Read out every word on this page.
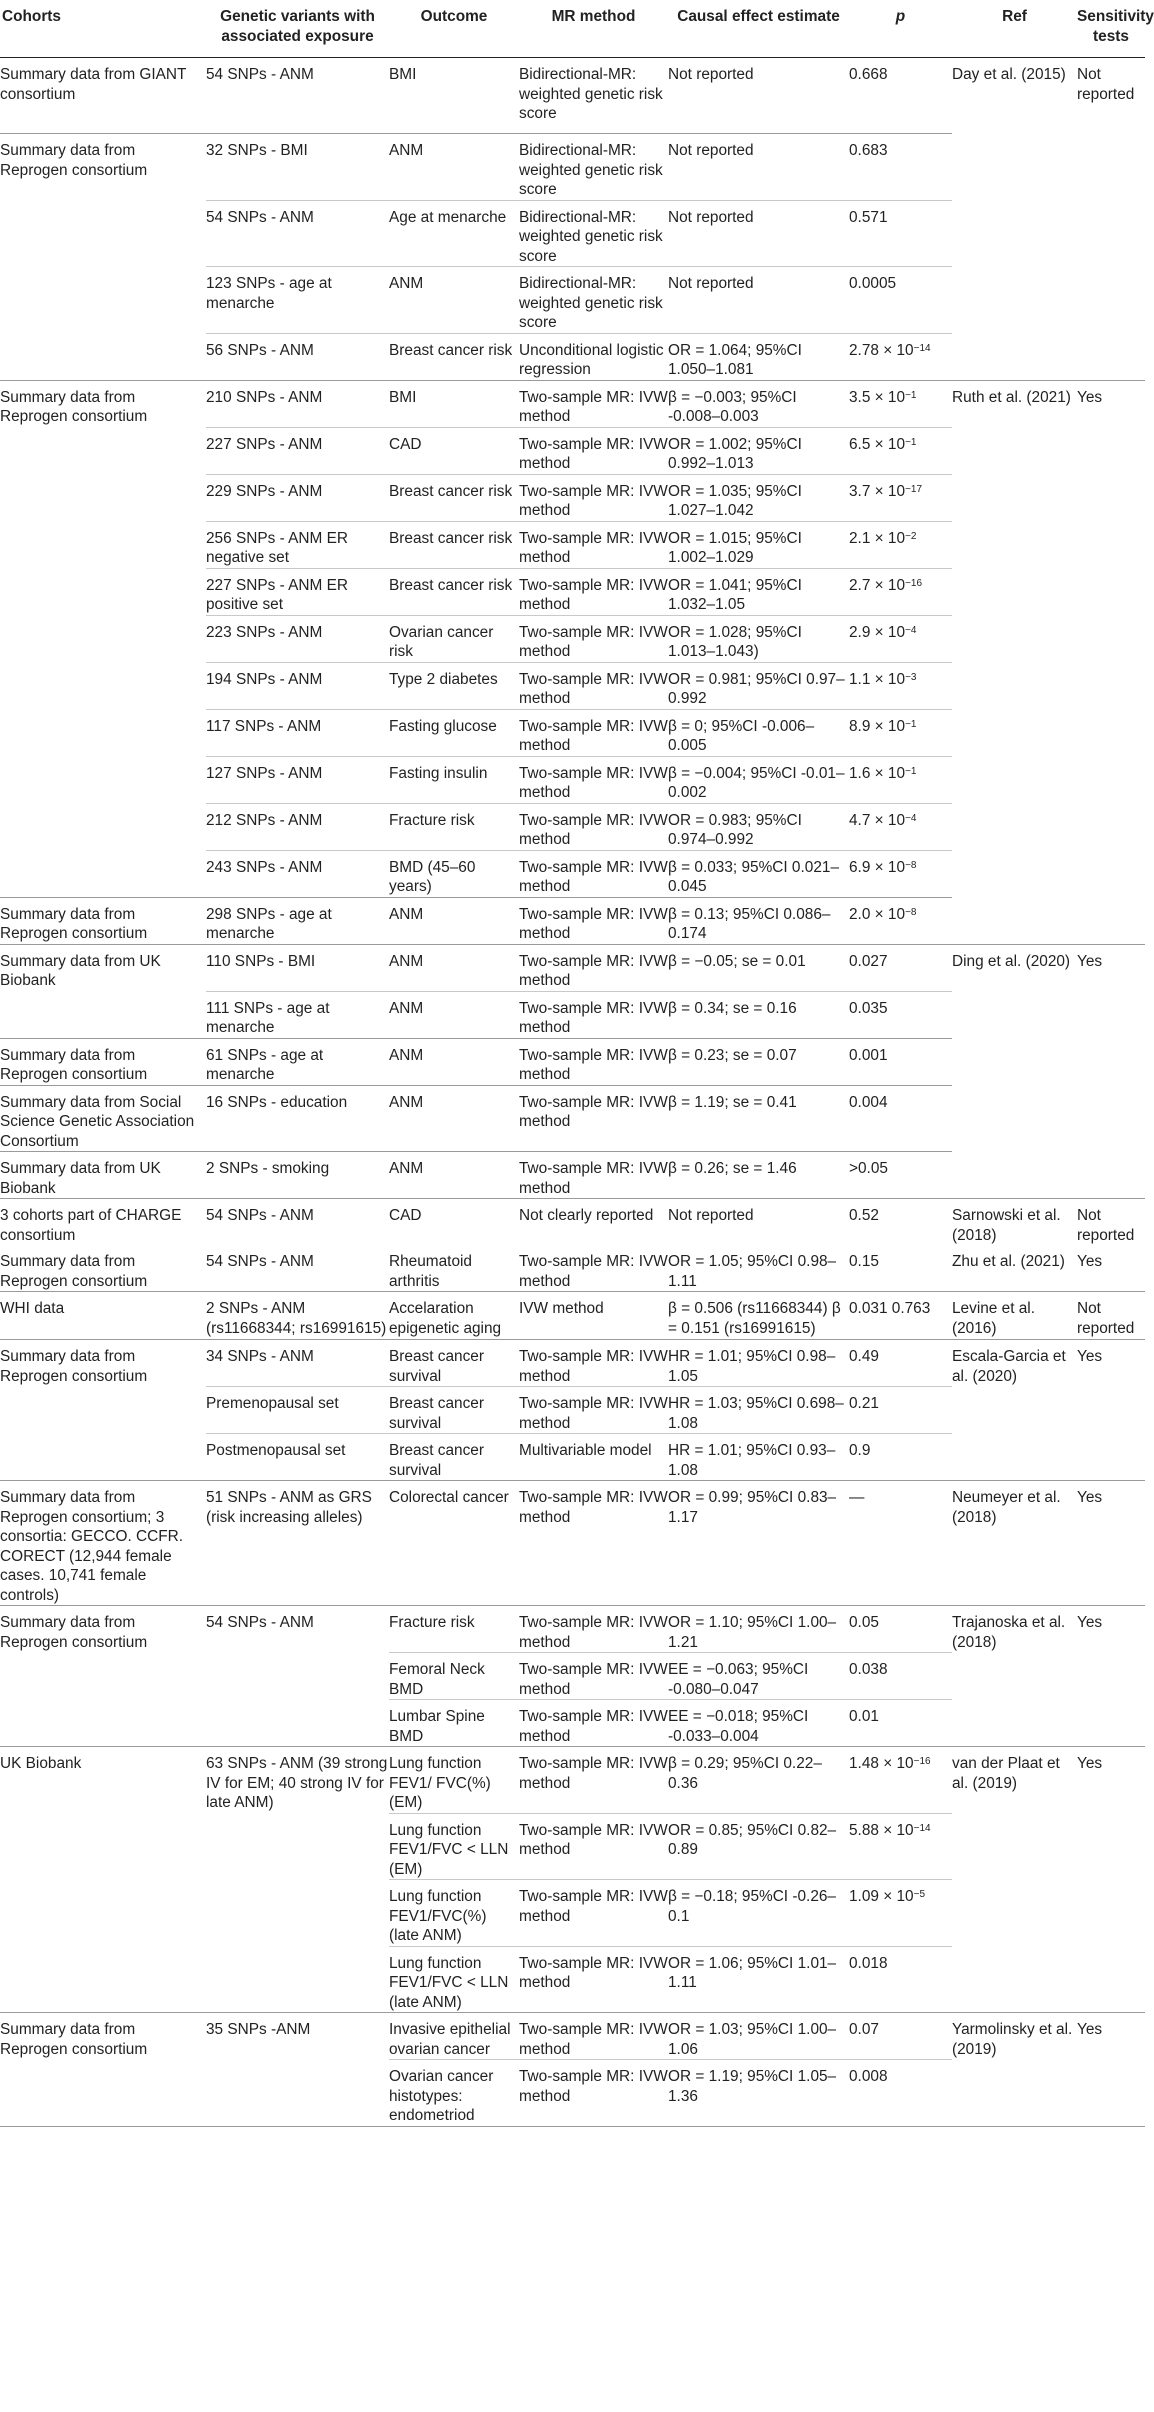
Cohorts	Genetic variants with associated exposure	Outcome	MR method	Causal effect estimate	p	Ref	Sensitivity tests
Summary data from GIANT consortium	54 SNPs - ANM	BMI	Bidirectional-MR: weighted genetic risk score	Not reported	0.668	Day et al. (2015)	Not reported
Summary data from Reprogen consortium	32 SNPs - BMI	ANM	Bidirectional-MR: weighted genetic risk score	Not reported	0.683		
	54 SNPs - ANM	Age at menarche	Bidirectional-MR: weighted genetic risk score	Not reported	0.571		
	123 SNPs - age at menarche	ANM	Bidirectional-MR: weighted genetic risk score	Not reported	0.0005		
	56 SNPs - ANM	Breast cancer risk	Unconditional logistic regression	OR = 1.064; 95%CI 1.050–1.081	$2.78 \times 10^{-14}$		
Summary data from Reprogen consortium	210 SNPs - ANM	BMI	Two-sample MR: IVW method	β = −0.003; 95%CI -0.008–0.003	$3.5 \times 10^{-1}$	Ruth et al. (2021)	Yes
	227 SNPs - ANM	CAD	Two-sample MR: IVW method	OR = 1.002; 95%CI 0.992–1.013	$6.5 \times 10^{-1}$		
	229 SNPs - ANM	Breast cancer risk	Two-sample MR: IVW method	OR = 1.035; 95%CI 1.027–1.042	$3.7 \times 10^{-17}$		
	256 SNPs - ANM ER negative set	Breast cancer risk	Two-sample MR: IVW method	OR = 1.015; 95%CI 1.002–1.029	$2.1 \times 10^{-2}$		
	227 SNPs - ANM ER positive set	Breast cancer risk	Two-sample MR: IVW method	OR = 1.041; 95%CI 1.032–1.05	$2.7 \times 10^{-16}$		
	223 SNPs - ANM	Ovarian cancer risk	Two-sample MR: IVW method	OR = 1.028; 95%CI 1.013–1.043)	$2.9 \times 10^{-4}$		
	194 SNPs - ANM	Type 2 diabetes	Two-sample MR: IVW method	OR = 0.981; 95%CI 0.97–0.992	$1.1 \times 10^{-3}$		
	117 SNPs - ANM	Fasting glucose	Two-sample MR: IVW method	β = 0; 95%CI -0.006–0.005	$8.9 \times 10^{-1}$		
	127 SNPs - ANM	Fasting insulin	Two-sample MR: IVW method	β = −0.004; 95%CI -0.01–0.002	$1.6 \times 10^{-1}$		
	212 SNPs - ANM	Fracture risk	Two-sample MR: IVW method	OR = 0.983; 95%CI 0.974–0.992	$4.7 \times 10^{-4}$		
	243 SNPs - ANM	BMD (45–60 years)	Two-sample MR: IVW method	β = 0.033; 95%CI 0.021–0.045	$6.9 \times 10^{-8}$		
Summary data from Reprogen consortium	298 SNPs - age at menarche	ANM	Two-sample MR: IVW method	β = 0.13; 95%CI 0.086–0.174	$2.0 \times 10^{-8}$		
Summary data from UK Biobank	110 SNPs - BMI	ANM	Two-sample MR: IVW method	β = −0.05; se = 0.01	0.027	Ding et al. (2020)	Yes
	111 SNPs - age at menarche	ANM	Two-sample MR: IVW method	β = 0.34; se = 0.16	0.035		
Summary data from Reprogen consortium	61 SNPs - age at menarche	ANM	Two-sample MR: IVW method	β = 0.23; se = 0.07	0.001		
Summary data from Social Science Genetic Association Consortium	16 SNPs - education	ANM	Two-sample MR: IVW method	β = 1.19; se = 0.41	0.004		
Summary data from UK Biobank	2 SNPs - smoking	ANM	Two-sample MR: IVW method	β = 0.26; se = 1.46	>0.05		
3 cohorts part of CHARGE consortium	54 SNPs - ANM	CAD	Not clearly reported	Not reported	0.52	Sarnowski et al. (2018)	Not reported
Summary data from Reprogen consortium	54 SNPs - ANM	Rheumatoid arthritis	Two-sample MR: IVW method	OR = 1.05; 95%CI 0.98–1.11	0.15	Zhu et al. (2021)	Yes
WHI data	2 SNPs - ANM (rs11668344; rs16991615)	Accelaration epigenetic aging	IVW method	β = 0.506 (rs11668344) β = 0.151 (rs16991615)	0.031 0.763	Levine et al. (2016)	Not reported
Summary data from Reprogen consortium	34 SNPs - ANM	Breast cancer survival	Two-sample MR: IVW method	HR = 1.01; 95%CI 0.98–1.05	0.49	Escala-Garcia et al. (2020)	Yes
	Premenopausal set	Breast cancer survival	Two-sample MR: IVW method	HR = 1.03; 95%CI 0.698–1.08	0.21		
	Postmenopausal set	Breast cancer survival	Multivariable model	HR = 1.01; 95%CI 0.93–1.08	0.9		
Summary data from Reprogen consortium; 3 consortia: GECCO. CCFR. CORECT (12,944 female cases. 10,741 female controls)	51 SNPs - ANM as GRS (risk increasing alleles)	Colorectal cancer	Two-sample MR: IVW method	OR = 0.99; 95%CI 0.83–1.17	—	Neumeyer et al. (2018)	Yes
Summary data from Reprogen consortium	54 SNPs - ANM	Fracture risk	Two-sample MR: IVW method	OR = 1.10; 95%CI 1.00–1.21	0.05	Trajanoska et al. (2018)	Yes
		Femoral Neck BMD	Two-sample MR: IVW method	EE = −0.063; 95%CI -0.080–0.047	0.038		
		Lumbar Spine BMD	Two-sample MR: IVW method	EE = −0.018; 95%CI -0.033–0.004	0.01		
UK Biobank	63 SNPs - ANM (39 strong IV for EM; 40 strong IV for late ANM)	Lung function FEV1/ FVC(%) (EM)	Two-sample MR: IVW method	β = 0.29; 95%CI 0.22–0.36	$1.48 \times 10^{-16}$	van der Plaat et al. (2019)	Yes
		Lung function FEV1/FVC < LLN (EM)	Two-sample MR: IVW method	OR = 0.85; 95%CI 0.82–0.89	$5.88 \times 10^{-14}$		
		Lung function FEV1/FVC(%) (late ANM)	Two-sample MR: IVW method	β = −0.18; 95%CI -0.26–0.1	$1.09 \times 10^{-5}$		
		Lung function FEV1/FVC < LLN (late ANM)	Two-sample MR: IVW method	OR = 1.06; 95%CI 1.01–1.11	0.018		
Summary data from Reprogen consortium	35 SNPs -ANM	Invasive epithelial ovarian cancer	Two-sample MR: IVW method	OR = 1.03; 95%CI 1.00–1.06	0.07	Yarmolinsky et al. (2019)	Yes
		Ovarian cancer histotypes: endometriod	Two-sample MR: IVW method	OR = 1.19; 95%CI 1.05–1.36	0.008		
